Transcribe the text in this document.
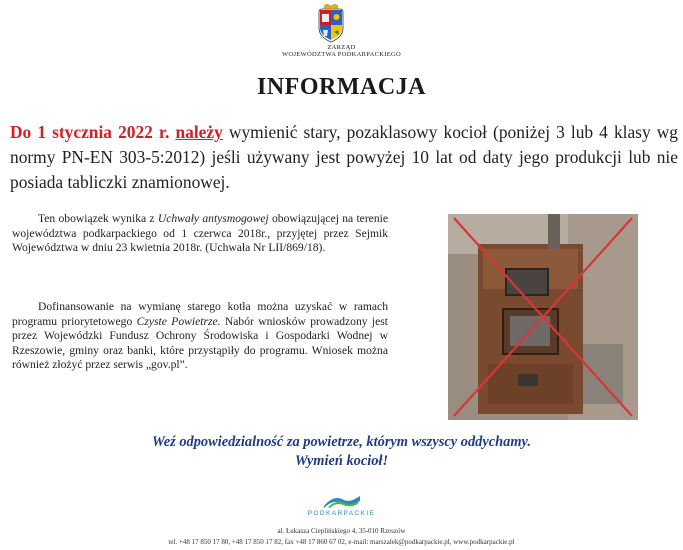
ZARZĄD
WOJEWÓDZTWA PODKARPACKIEGO
INFORMACJA
Do 1 stycznia 2022 r. należy wymienić stary, pozaklasowy kocioł (poniżej 3 lub 4 klasy wg normy PN-EN 303-5:2012) jeśli używany jest powyżej 10 lat od daty jego produkcji lub nie posiada tabliczki znamionowej.
Ten obowiązek wynika z Uchwały antysmogowej obowiązującej na terenie województwa podkarpackiego od 1 czerwca 2018r., przyjętej przez Sejmik Województwa w dniu 23 kwietnia 2018r. (Uchwała Nr LII/869/18).
Dofinansowanie na wymianę starego kotła można uzyskać w ramach programu priorytetowego Czyste Powietrze. Nabór wniosków prowadzony jest przez Wojewódzki Fundusz Ochrony Środowiska i Gospodarki Wodnej w Rzeszowie, gminy oraz banki, które przystąpiły do programu. Wniosek można również złożyć przez serwis „gov.pl”.
Weź odpowiedzialność za powietrze, którym wszyscy oddychamy.
Wymień kocioł!
PODKARPACKIE
al. Łukasza Cieplińskiego 4, 35-010 Rzeszów
tel. +48 17 850 17 80, +48 17 850 17 82, fax +48 17 860 67 02, e-mail: marszalek@podkarpackie.pl, www.podkarpackie.pl
